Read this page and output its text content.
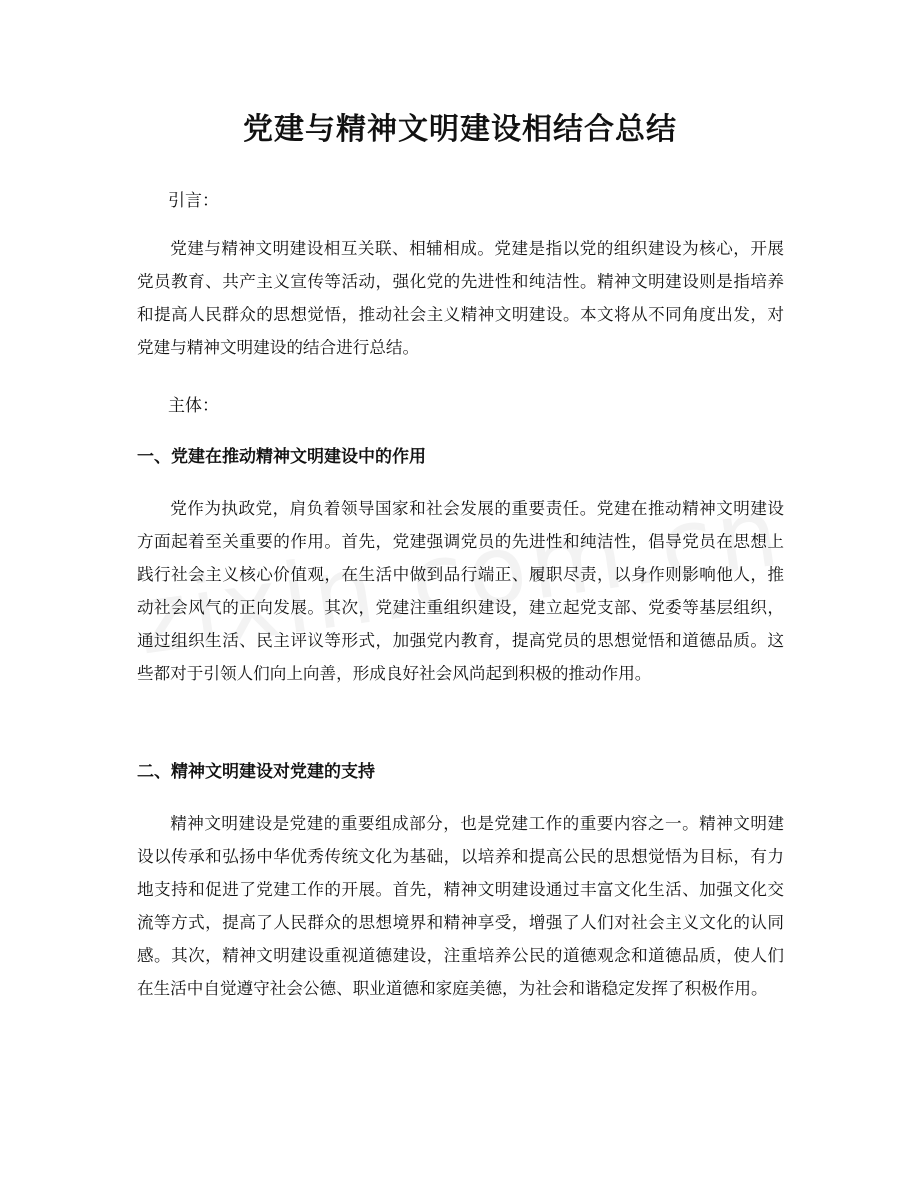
党建与精神文明建设相结合总结

引言：

党建与精神文明建设相互关联、相辅相成。党建是指以党的组织建设为核心，开展党员教育、共产主义宣传等活动，强化党的先进性和纯洁性。精神文明建设则是指培养和提高人民群众的思想觉悟，推动社会主义精神文明建设。本文将从不同角度出发，对党建与精神文明建设的结合进行总结。

主体：

一、党建在推动精神文明建设中的作用

党作为执政党，肩负着领导国家和社会发展的重要责任。党建在推动精神文明建设方面起着至关重要的作用。首先，党建强调党员的先进性和纯洁性，倡导党员在思想上践行社会主义核心价值观，在生活中做到品行端正、履职尽责，以身作则影响他人，推动社会风气的正向发展。其次，党建注重组织建设，建立起党支部、党委等基层组织，通过组织生活、民主评议等形式，加强党内教育，提高党员的思想觉悟和道德品质。这些都对于引领人们向上向善，形成良好社会风尚起到积极的推动作用。

二、精神文明建设对党建的支持

精神文明建设是党建的重要组成部分，也是党建工作的重要内容之一。精神文明建设以传承和弘扬中华优秀传统文化为基础，以培养和提高公民的思想觉悟为目标，有力地支持和促进了党建工作的开展。首先，精神文明建设通过丰富文化生活、加强文化交流等方式，提高了人民群众的思想境界和精神享受，增强了人们对社会主义文化的认同感。其次，精神文明建设重视道德建设，注重培养公民的道德观念和道德品质，使人们在生活中自觉遵守社会公德、职业道德和家庭美德，为社会和谐稳定发挥了积极作用。
